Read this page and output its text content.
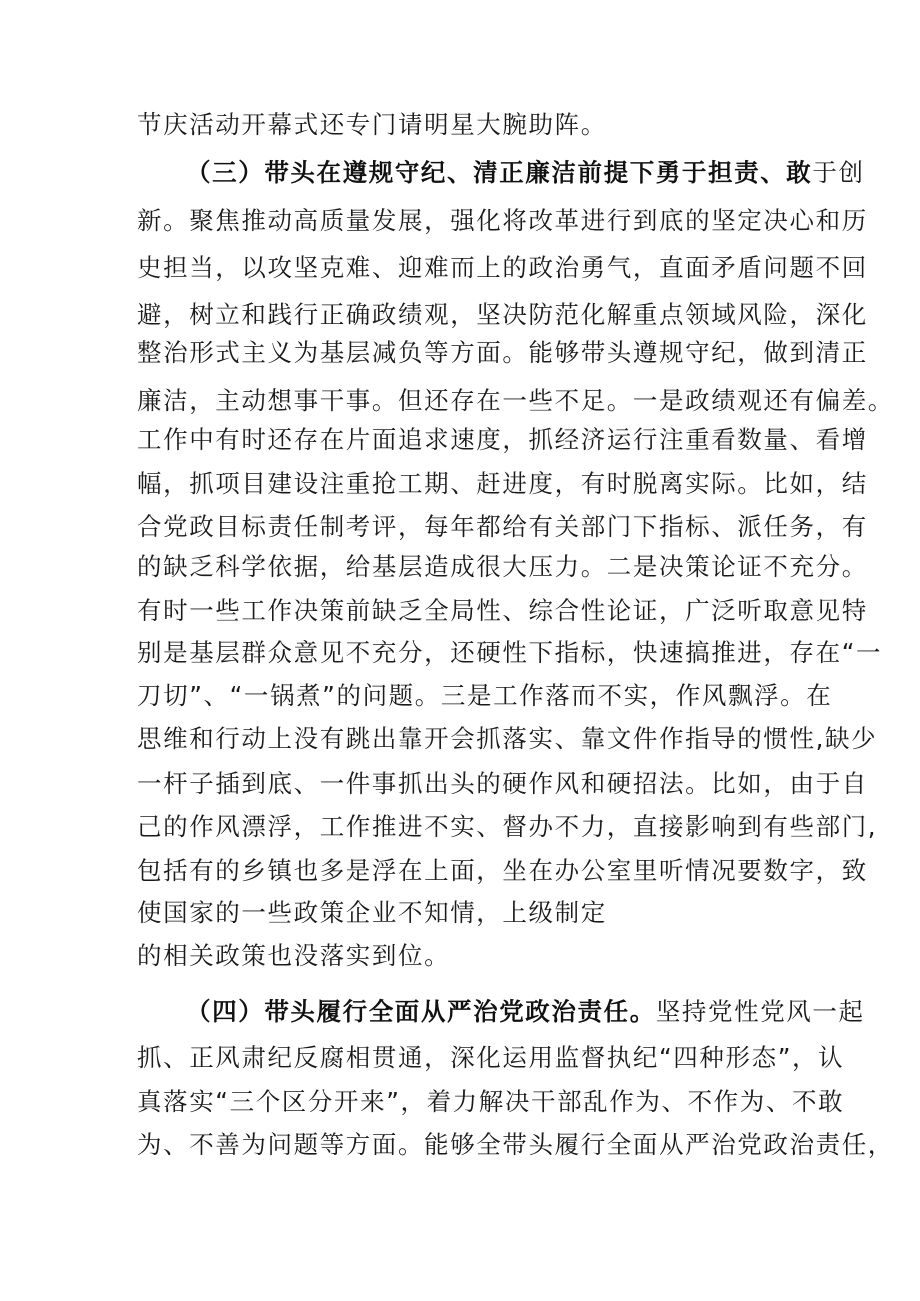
节庆活动开幕式还专门请明星大腕助阵。
（三）带头在遵规守纪、清正廉洁前提下勇于担责、敢于创
新。聚焦推动高质量发展，强化将改革进行到底的坚定决心和历
史担当，以攻坚克难、迎难而上的政治勇气，直面矛盾问题不回
避，树立和践行正确政绩观，坚决防范化解重点领域风险，深化
整治形式主义为基层减负等方面。能够带头遵规守纪，做到清正
廉洁，主动想事干事。但还存在一些不足。一是政绩观还有偏差。
工作中有时还存在片面追求速度，抓经济运行注重看数量、看增
幅，抓项目建设注重抢工期、赶进度，有时脱离实际。比如，结
合党政目标责任制考评，每年都给有关部门下指标、派任务，有
的缺乏科学依据，给基层造成很大压力。二是决策论证不充分。
有时一些工作决策前缺乏全局性、综合性论证，广泛听取意见特
别是基层群众意见不充分，还硬性下指标，快速搞推进，存在“一
刀切”、“一锅煮”的问题。三是工作落而不实，作风飘浮。在
思维和行动上没有跳出靠开会抓落实、靠文件作指导的惯性,缺少
一杆子插到底、一件事抓出头的硬作风和硬招法。比如，由于自
己的作风漂浮，工作推进不实、督办不力，直接影响到有些部门,
包括有的乡镇也多是浮在上面，坐在办公室里听情况要数字，致
使国家的一些政策企业不知情，上级制定
的相关政策也没落实到位。
（四）带头履行全面从严治党政治责任。坚持党性党风一起
抓、正风肃纪反腐相贯通，深化运用监督执纪“四种形态”，认
真落实“三个区分开来”，着力解决干部乱作为、不作为、不敢
为、不善为问题等方面。能够全带头履行全面从严治党政治责任，
